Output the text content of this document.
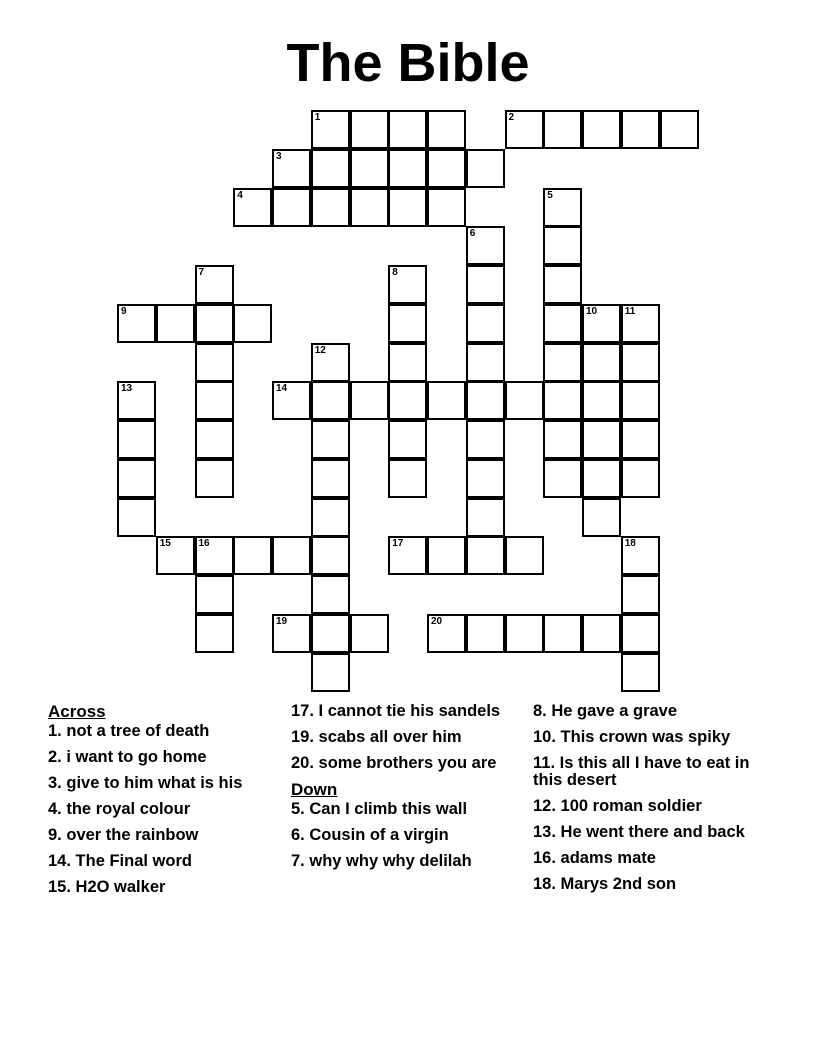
The Bible
1	2
3
4	5
6
7	8
9	10	11
12
13	14
15	16	17	18
19	20
Across
1. not a tree of death
2. i want to go home
3. give to him what is his
4. the royal colour
9. over the rainbow
14. The Final word
15. H2O walker
17. I cannot tie his sandels
19. scabs all over him
20. some brothers you are
Down
5. Can I climb this wall
6. Cousin of a virgin
7. why why why delilah
8. He gave a grave
10. This crown was spiky
11. Is this all I have to eat in this desert
12. 100 roman soldier
13. He went there and back
16. adams mate
18. Marys 2nd son
